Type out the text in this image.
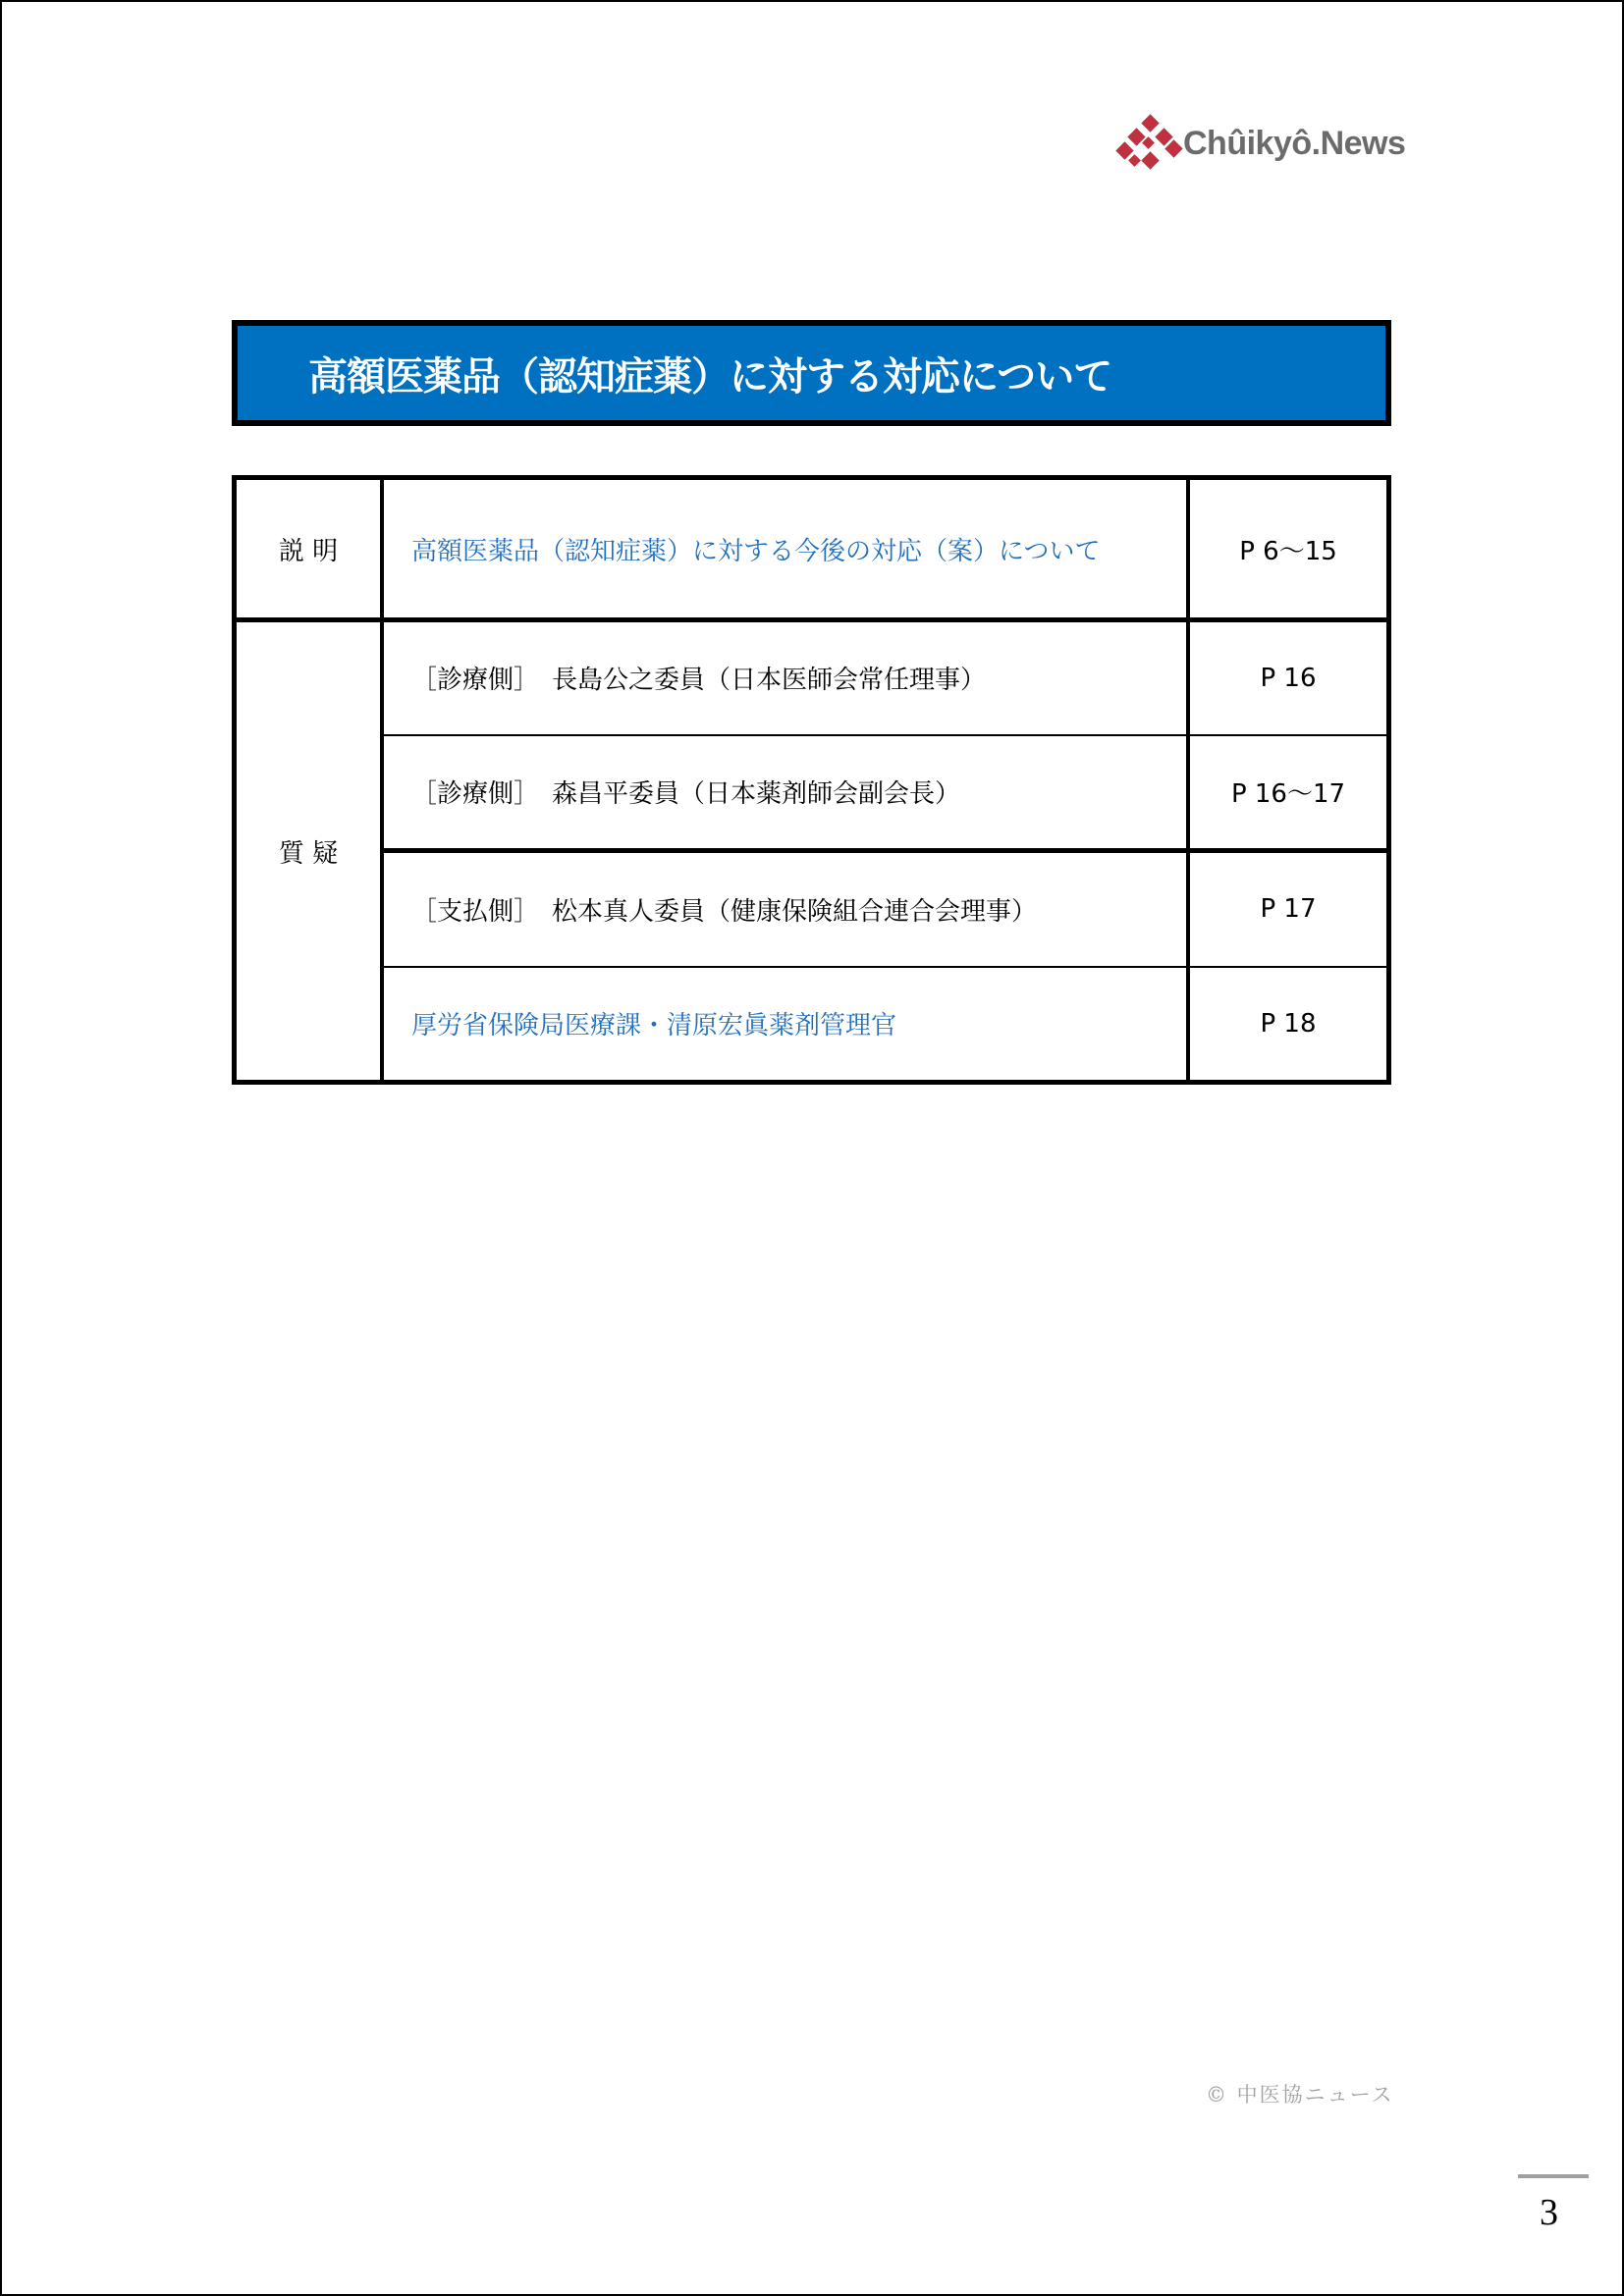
Chûikyô.News
高額医薬品（認知症薬）に対する対応について
説 明	高額医薬品（認知症薬）に対する今後の対応（案）について	P 6～15
質 疑	［診療側］　長島公之委員（日本医師会常任理事）	P 16
	［診療側］　森昌平委員（日本薬剤師会副会長）	P 16～17
	［支払側］　松本真人委員（健康保険組合連合会理事）	P 17
	厚労省保険局医療課・清原宏眞薬剤管理官	P 18
© 中医協ニュース
3
